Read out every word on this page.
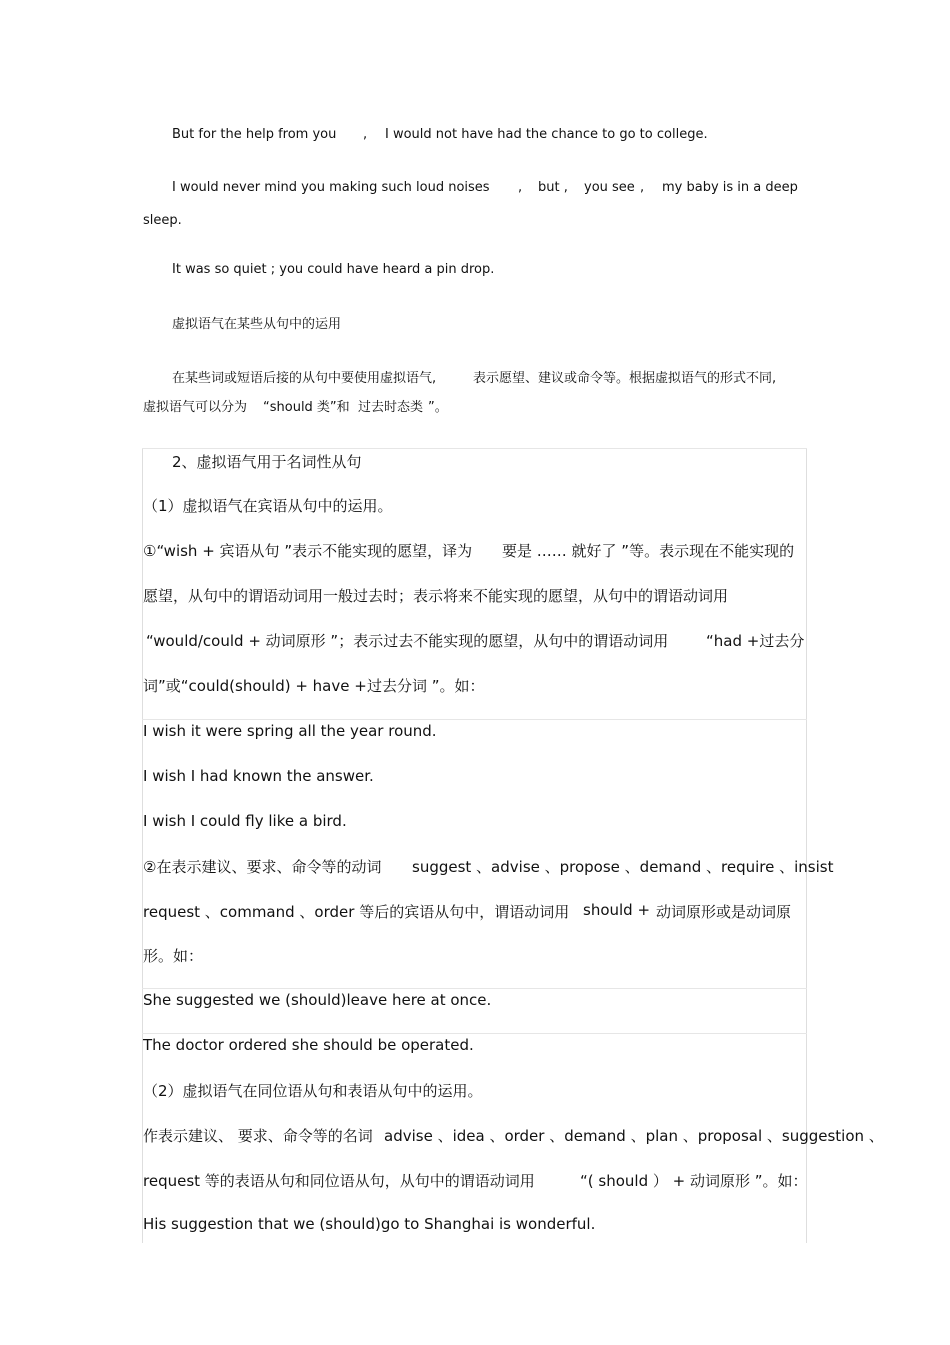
But for the help from you , I would not have had the chance to go to college.
I would never mind you making such loud noises , but , you see , my baby is in a deep
sleep.
It was so quiet ; you could have heard a pin drop.
虚拟语气在某些从句中的运用
在某些词或短语后接的从句中要使用虚拟语气,	表示愿望、建议或命令等。根据虚拟语气的形式不同,
虚拟语气可以分为 “should 类”和 过去时态类 ”。
2、虚拟语气用于名词性从句
（1）虚拟语气在宾语从句中的运用。
①“wish + 宾语从句 ”表示不能实现的愿望，译为 要是 …… 就好了 ”等。表示现在不能实现的
愿望，从句中的谓语动词用一般过去时；表示将来不能实现的愿望，从句中的谓语动词用
“would/could + 动词原形 ”；表示过去不能实现的愿望，从句中的谓语动词用	“had +过去分
词”或“could(should) + have + 过去分词 ”。如：
I wish it were spring all the year round.
I wish I had known the answer.
I wish I could fly like a bird.
②在表示建议、要求、命令等的动词 suggest 、advise 、propose 、demand 、require 、insist
request 、command 、order 等后的宾语从句中，谓语动词用 should + 动词原形或是动词原
形。如：
She suggested we (should)leave here at once.
The doctor ordered she should be operated.
（2）虚拟语气在同位语从句和表语从句中的运用。
作表示建议、 要求、命令等的名词 advise 、idea 、order 、demand 、plan 、proposal 、suggestion 、
request 等的表语从句和同位语从句，从句中的谓语动词用	“( should ） + 动词原形 ”。如：
His suggestion that we (should)go to Shanghai is wonderful.
